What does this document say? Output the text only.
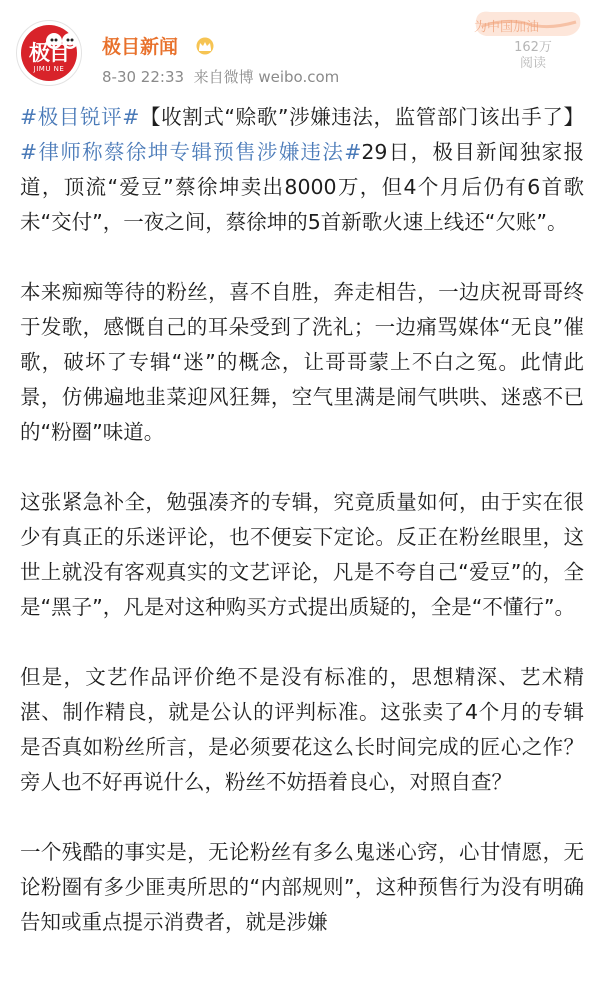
极目
JIMU NE
极目新闻
8-30 22:33 来自微博 weibo.com
为中国加油
162万
阅读

#极目锐评#【收割式“赊歌”涉嫌违法，监管部门该出手了】#律师称蔡徐坤专辑预售涉嫌违法#29日，极目新闻独家报道，顶流“爱豆”蔡徐坤卖出8000万，但4个月后仍有6首歌未“交付”，一夜之间，蔡徐坤的5首新歌火速上线还“欠账”。

本来痴痴等待的粉丝，喜不自胜，奔走相告，一边庆祝哥哥终于发歌，感慨自己的耳朵受到了洗礼；一边痛骂媒体“无良”催歌，破坏了专辑“迷”的概念，让哥哥蒙上不白之冤。此情此景，仿佛遍地韭菜迎风狂舞，空气里满是闹气哄哄、迷惑不已的“粉圈”味道。

这张紧急补全，勉强凑齐的专辑，究竟质量如何，由于实在很少有真正的乐迷评论，也不便妄下定论。反正在粉丝眼里，这世上就没有客观真实的文艺评论，凡是不夸自己“爱豆”的，全是“黑子”，凡是对这种购买方式提出质疑的，全是“不懂行”。

但是，文艺作品评价绝不是没有标准的，思想精深、艺术精湛、制作精良，就是公认的评判标准。这张卖了4个月的专辑是否真如粉丝所言，是必须要花这么长时间完成的匠心之作？旁人也不好再说什么，粉丝不妨捂着良心，对照自查？

一个残酷的事实是，无论粉丝有多么鬼迷心窍，心甘情愿，无论粉圈有多少匪夷所思的“内部规则”，这种预售行为没有明确告知或重点提示消费者，就是涉嫌
